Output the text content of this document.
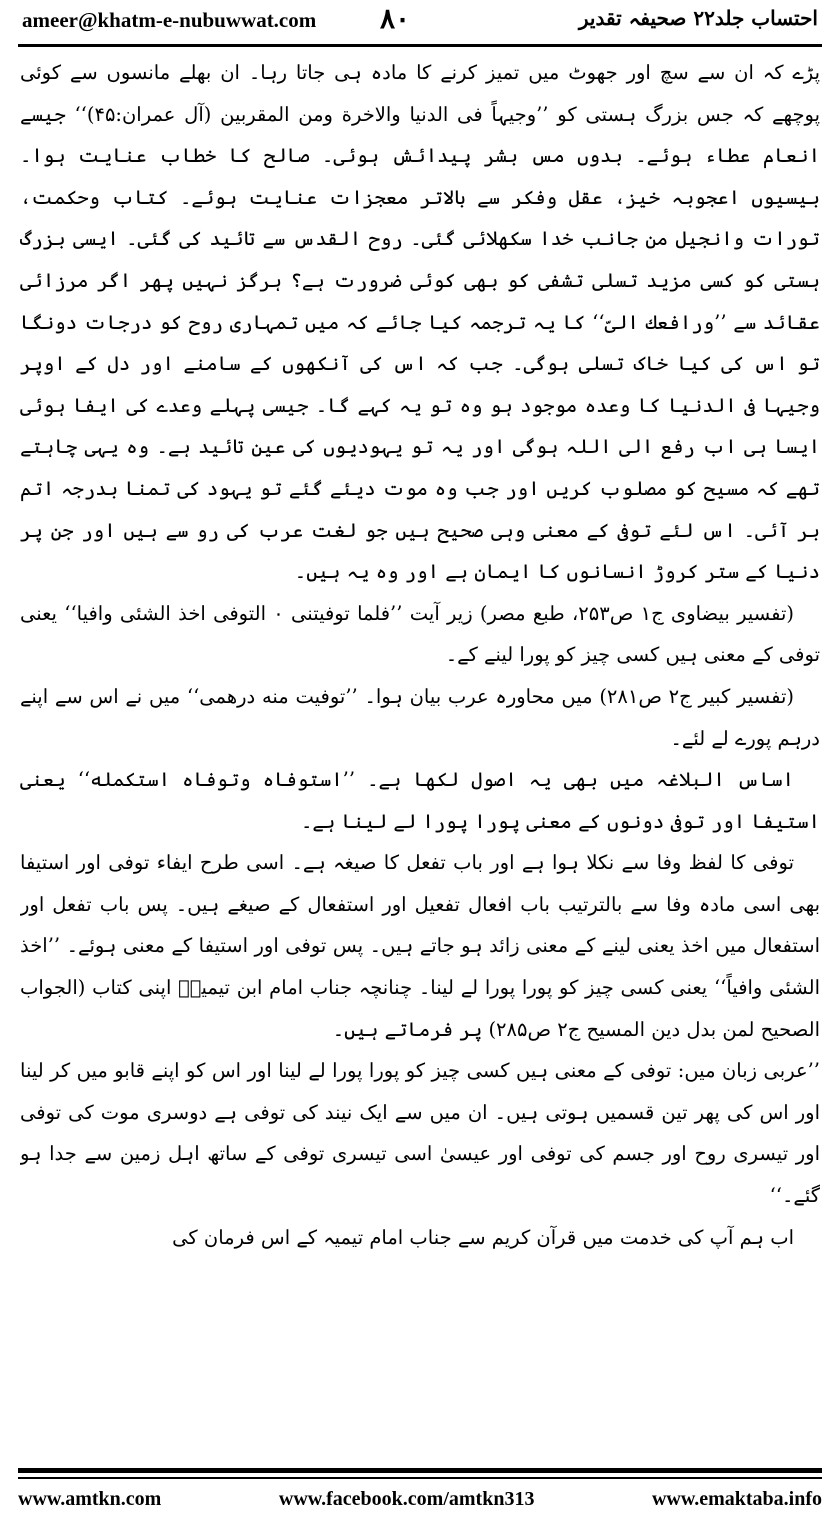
ameer@khatm-e-nubuwwat.com ۸۰	احتساب جلد۲۲ صحیفہ تقدیر

پڑے کہ ان سے سچ اور جھوٹ میں تمیز کرنے کا مادہ ہی جاتا رہا۔ ان بھلے مانسوں سے کوئی پوچھے کہ جس بزرگ ہستی کو ’’وجیہاً فی الدنیا والاخرة ومن المقربین (آل عمران:۴۵)‘‘ جیسے انعام عطاء ہوئے۔ بدوں مس بشر پیدائش ہوئی۔ صالح کا خطاب عنایت ہوا۔ بیسیوں اعجوبہ خیز، عقل وفکر سے بالاتر معجزات عنایت ہوئے۔ کتاب وحکمت، تورات وانجیل من جانب خدا سکھلائی گئی۔ روح القدس سے تائید کی گئی۔ ایسی بزرگ ہستی کو کسی مزید تسلی تشفی کو بھی کوئی ضرورت ہے؟ ہرگز نہیں پھر اگر مرزائی عقائد سے ’’ورافعك الیّ‘‘ کا یہ ترجمہ کیا جائے کہ میں تمہاری روح کو درجات دونگا تو اس کی کیا خاک تسلی ہوگی۔ جب کہ اس کی آنکھوں کے سامنے اور دل کے اوپر وجیہا فی الدنیا کا وعدہ موجود ہو وہ تو یہ کہے گا۔ جیسی پہلے وعدے کی ایفا ہوئی ایسا ہی اب رفع الی اللہ ہوگی اور یہ تو یہودیوں کی عین تائید ہے۔ وہ یہی چاہتے تھے کہ مسیح کو مصلوب کریں اور جب وہ موت دیئے گئے تو یہود کی تمنا بدرجہ اتم بر آئی۔ اس لئے توفی کے معنی وہی صحیح ہیں جو لغت عرب کی رو سے ہیں اور جن پر دنیا کے ستر کروڑ انسانوں کا ایمان ہے اور وہ یہ ہیں۔

(تفسیر بیضاوی ج۱ ص۲۵۳، طبع مصر) زیر آیت ’’فلما توفیتنی ۰ التوفی اخذ الشئی وافیا‘‘ یعنی توفی کے معنی ہیں کسی چیز کو پورا لینے کے۔

(تفسیر کبیر ج۲ ص۲۸۱) میں محاورہ عرب بیان ہوا۔ ’’توفیت منه درهمی‘‘ میں نے اس سے اپنے درہم پورے لے لئے۔

اساس البلاغہ میں بھی یہ اصول لکھا ہے۔ ’’استوفاه وتوفاه استکمله‘‘ یعنی استیفا اور توفی دونوں کے معنی پورا پورا لے لینا ہے۔

توفی کا لفظ وفا سے نکلا ہوا ہے اور باب تفعل کا صیغہ ہے۔ اسی طرح ایفاء توفی اور استیفا بھی اسی مادہ وفا سے بالترتیب باب افعال تفعیل اور استفعال کے صیغے ہیں۔ پس باب تفعل اور استفعال میں اخذ یعنی لینے کے معنی زائد ہو جاتے ہیں۔ پس توفی اور استیفا کے معنی ہوئے۔ ’’اخذ الشئی وافیاً‘‘ یعنی کسی چیز کو پورا پورا لے لینا۔ چنانچہ جناب امام ابن تیمیہؒ اپنی کتاب (الجواب الصحیح لمن بدل دین المسیح ج۲ ص۲۸۵) پر فرماتے ہیں۔

’’عربی زبان میں: توفی کے معنی ہیں کسی چیز کو پورا پورا لے لینا اور اس کو اپنے قابو میں کر لینا اور اس کی پھر تین قسمیں ہوتی ہیں۔ ان میں سے ایک نیند کی توفی ہے دوسری موت کی توفی اور تیسری روح اور جسم کی توفی اور عیسیٰ اسی تیسری توفی کے ساتھ اہل زمین سے جدا ہو گئے۔‘‘

اب ہم آپ کی خدمت میں قرآن کریم سے جناب امام تیمیہ کے اس فرمان کی

www.amtkn.com	www.facebook.com/amtkn313	www.emaktaba.info
